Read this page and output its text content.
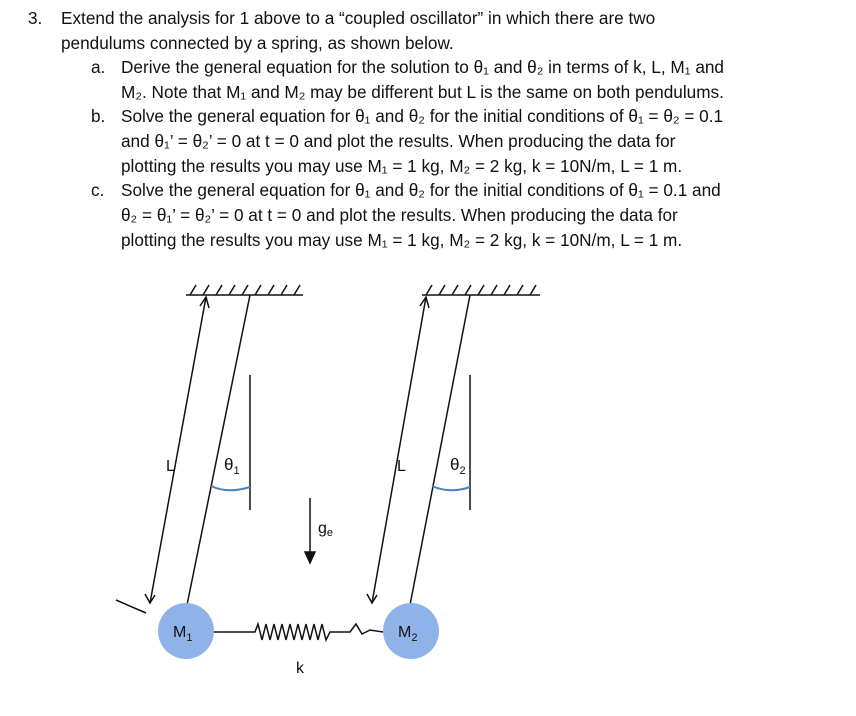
3. Extend the analysis for 1 above to a “coupled oscillator” in which there are two
pendulums connected by a spring, as shown below.
a. Derive the general equation for the solution to θ₁ and θ₂ in terms of k, L, M₁ and
M₂. Note that M₁ and M₂ may be different but L is the same on both pendulums.
b. Solve the general equation for θ₁ and θ₂ for the initial conditions of θ₁ = θ₂ = 0.1
and θ₁’ = θ₂’ = 0 at t = 0 and plot the results. When producing the data for
plotting the results you may use M₁ = 1 kg, M₂ = 2 kg, k = 10N/m, L = 1 m.
c. Solve the general equation for θ₁ and θ₂ for the initial conditions of θ₁ = 0.1 and
θ₂ = θ₁’ = θ₂’ = 0 at t = 0 and plot the results. When producing the data for
plotting the results you may use M₁ = 1 kg, M₂ = 2 kg, k = 10N/m, L = 1 m.
L	L
$\theta_1$	$\theta_2$
ge
$M_1$	$M_2$
k
